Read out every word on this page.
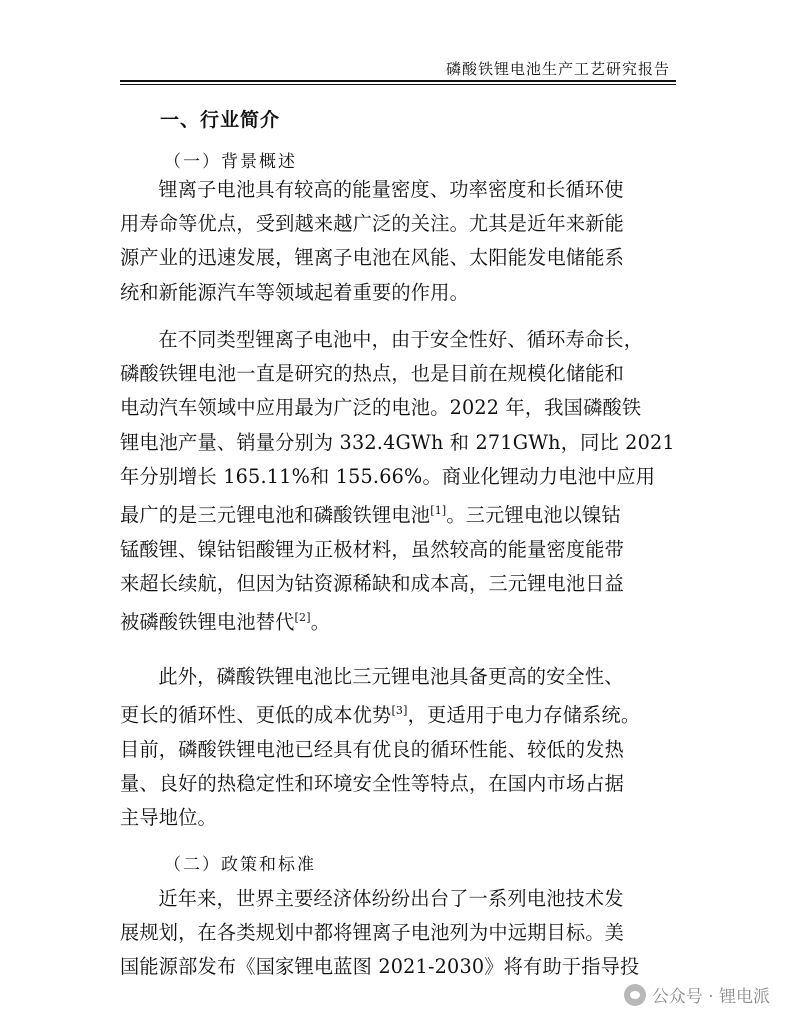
磷酸铁锂电池生产工艺研究报告
一、行业简介
（一）背景概述

锂离子电池具有较高的能量密度、功率密度和长循环使
用寿命等优点，受到越来越广泛的关注。尤其是近年来新能
源产业的迅速发展，锂离子电池在风能、太阳能发电储能系
统和新能源汽车等领域起着重要的作用。

在不同类型锂离子电池中，由于安全性好、循环寿命长，
磷酸铁锂电池一直是研究的热点，也是目前在规模化储能和
电动汽车领域中应用最为广泛的电池。2022 年，我国磷酸铁
锂电池产量、销量分别为 332.4GWh 和 271GWh，同比 2021
年分别增长 165.11%和 155.66%。商业化锂动力电池中应用
最广的是三元锂电池和磷酸铁锂电池[1]。三元锂电池以镍钴
锰酸锂、镍钴铝酸锂为正极材料，虽然较高的能量密度能带
来超长续航，但因为钴资源稀缺和成本高，三元锂电池日益
被磷酸铁锂电池替代[2]。

此外，磷酸铁锂电池比三元锂电池具备更高的安全性、
更长的循环性、更低的成本优势[3]，更适用于电力存储系统。
目前，磷酸铁锂电池已经具有优良的循环性能、较低的发热
量、良好的热稳定性和环境安全性等特点，在国内市场占据
主导地位。

（二）政策和标准

近年来，世界主要经济体纷纷出台了一系列电池技术发
展规划，在各类规划中都将锂离子电池列为中远期目标。美
国能源部发布《国家锂电蓝图 2021-2030》将有助于指导投

公众号 · 锂电派
